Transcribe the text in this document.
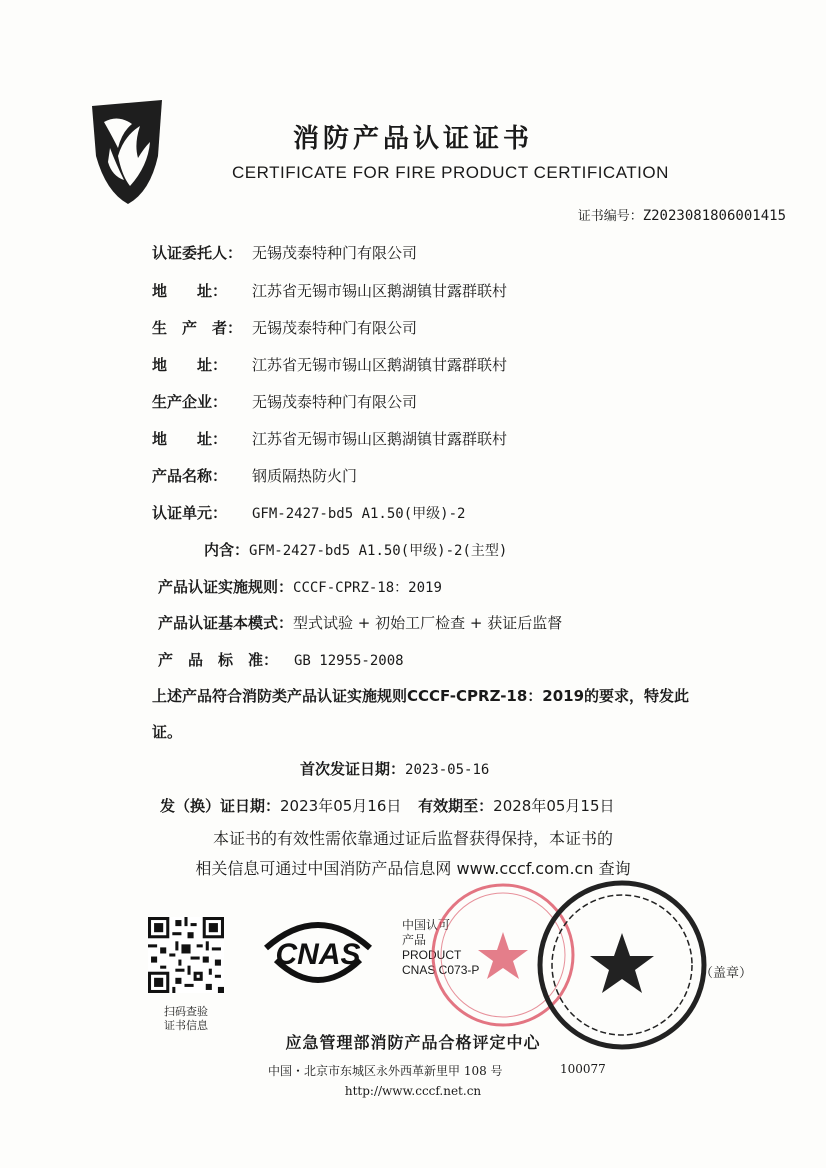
消防产品认证证书
CERTIFICATE FOR FIRE PRODUCT CERTIFICATION
证书编号：Z2023081806001415
认证委托人： 无锡茂泰特种门有限公司
地　　址： 江苏省无锡市锡山区鹅湖镇甘露群联村
生　产　者： 无锡茂泰特种门有限公司
地　　址： 江苏省无锡市锡山区鹅湖镇甘露群联村
生产企业： 无锡茂泰特种门有限公司
地　　址： 江苏省无锡市锡山区鹅湖镇甘露群联村
产品名称： 钢质隔热防火门
认证单元： GFM-2427-bd5 A1.50(甲级)-2
内含：GFM-2427-bd5 A1.50(甲级)-2(主型)
产品认证实施规则：CCCF-CPRZ-18：2019
产品认证基本模式：型式试验 + 初始工厂检查 + 获证后监督
产　品　标　准： GB 12955-2008
上述产品符合消防类产品认证实施规则CCCF-CPRZ-18：2019的要求，特发此证。
首次发证日期：2023-05-16
发（换）证日期：2023年05月16日 有效期至：2028年05月15日
本证书的有效性需依靠通过证后监督获得保持，本证书的
相关信息可通过中国消防产品信息网 www.cccf.com.cn 查询
扫码查验
证书信息
CNAS
中国认可
产品
PRODUCT
CNAS C073-P	（盖章）
应急管理部消防产品合格评定中心
中国・北京市东城区永外西革新里甲 108 号	100077
http://www.cccf.net.cn
